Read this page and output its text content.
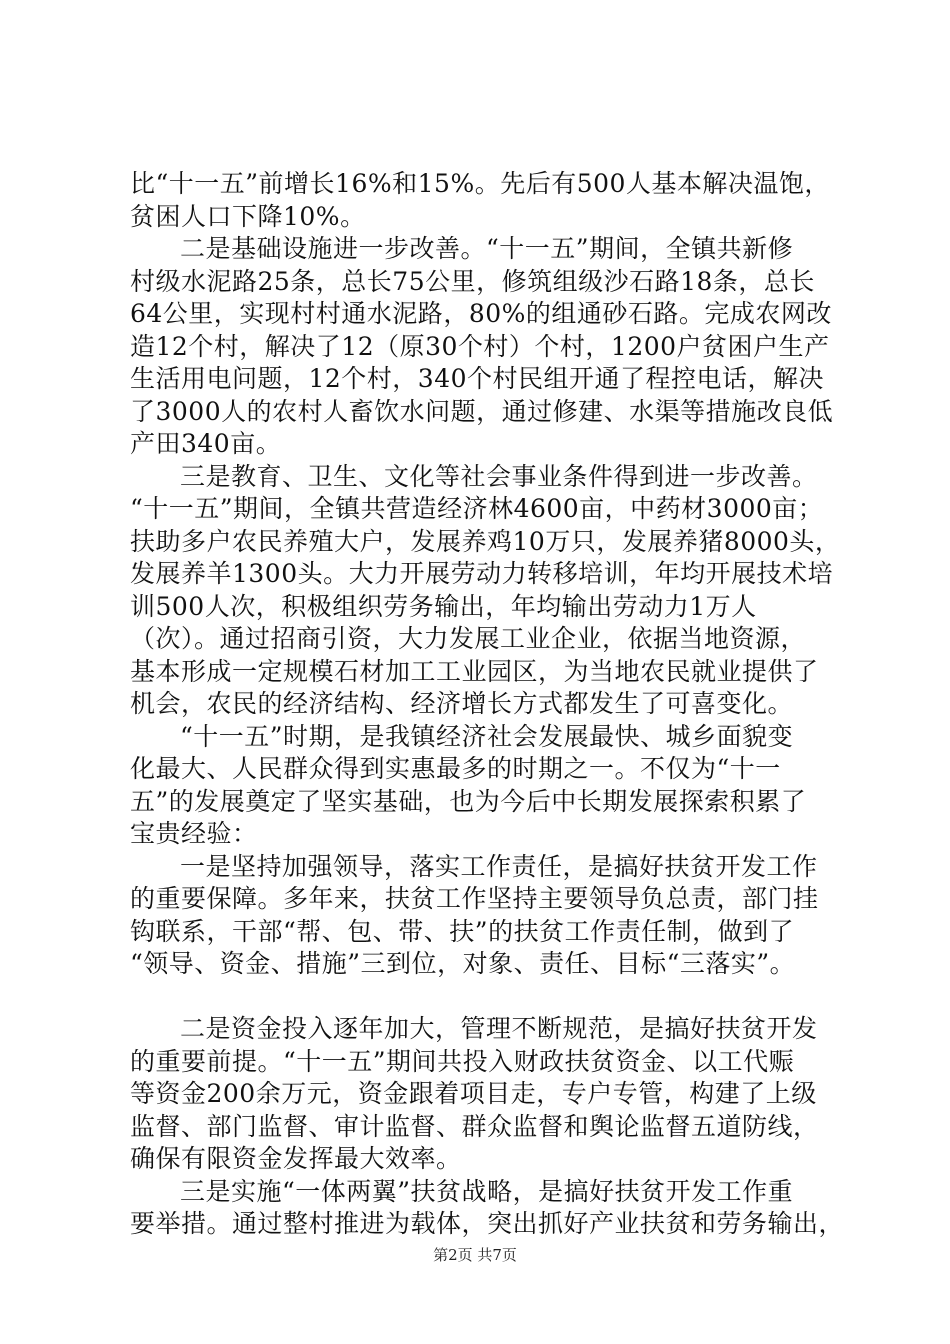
比“十一五”前增长16%和15%。先后有500人基本解决温饱，
贫困人口下降10%。
二是基础设施进一步改善。“十一五”期间，全镇共新修
村级水泥路25条，总长75公里，修筑组级沙石路18条，总长
64公里，实现村村通水泥路，80%的组通砂石路。完成农网改
造12个村，解决了12（原30个村）个村，1200户贫困户生产
生活用电问题，12个村，340个村民组开通了程控电话，解决
了3000人的农村人畜饮水问题，通过修建、水渠等措施改良低
产田340亩。
三是教育、卫生、文化等社会事业条件得到进一步改善。
“十一五”期间，全镇共营造经济林4600亩，中药材3000亩；
扶助多户农民养殖大户，发展养鸡10万只，发展养猪8000头，
发展养羊1300头。大力开展劳动力转移培训，年均开展技术培
训500人次，积极组织劳务输出，年均输出劳动力1万人
（次）。通过招商引资，大力发展工业企业，依据当地资源，
基本形成一定规模石材加工工业园区，为当地农民就业提供了
机会，农民的经济结构、经济增长方式都发生了可喜变化。
“十一五”时期，是我镇经济社会发展最快、城乡面貌变
化最大、人民群众得到实惠最多的时期之一。不仅为“十一
五”的发展奠定了坚实基础，也为今后中长期发展探索积累了
宝贵经验：
一是坚持加强领导，落实工作责任，是搞好扶贫开发工作
的重要保障。多年来，扶贫工作坚持主要领导负总责，部门挂
钩联系，干部“帮、包、带、扶”的扶贫工作责任制，做到了
“领导、资金、措施”三到位，对象、责任、目标“三落实”。
二是资金投入逐年加大，管理不断规范，是搞好扶贫开发
的重要前提。“十一五”期间共投入财政扶贫资金、以工代赈
等资金200余万元，资金跟着项目走，专户专管，构建了上级
监督、部门监督、审计监督、群众监督和舆论监督五道防线，
确保有限资金发挥最大效率。
三是实施“一体两翼”扶贫战略，是搞好扶贫开发工作重
要举措。通过整村推进为载体，突出抓好产业扶贫和劳务输出，
第2页 共7页
